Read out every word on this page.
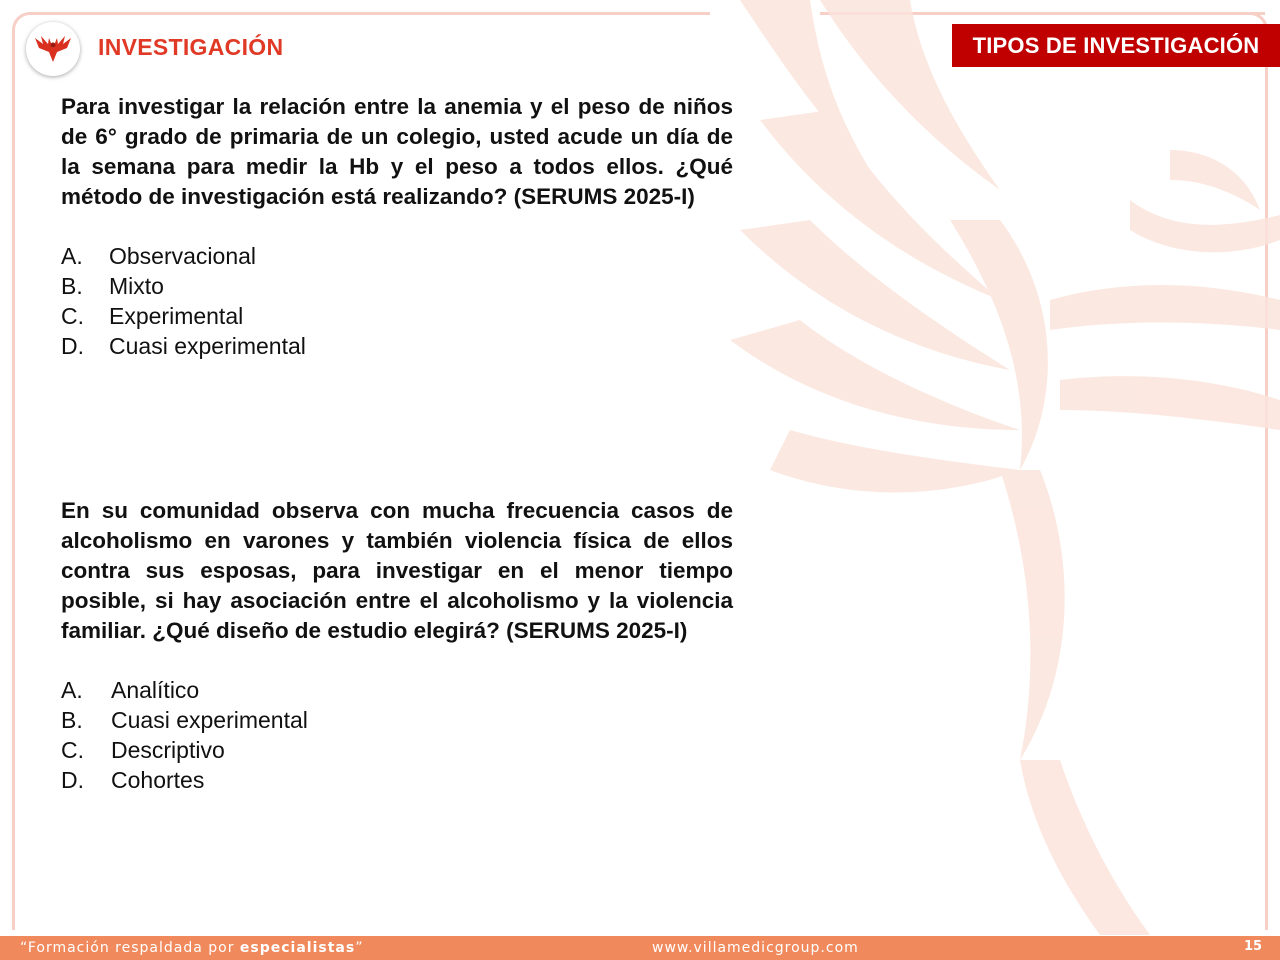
INVESTIGACIÓN	TIPOS DE INVESTIGACIÓN
Para investigar la relación entre la anemia y el peso de niños de 6° grado de primaria de un colegio, usted acude un día de la semana para medir la Hb y el peso a todos ellos. ¿Qué método de investigación está realizando? (SERUMS 2025-I)
A.	Observacional
B.	Mixto
C.	Experimental
D.	Cuasi experimental
En su comunidad observa con mucha frecuencia casos de alcoholismo en varones y también violencia física de ellos contra sus esposas, para investigar en el menor tiempo posible, si hay asociación entre el alcoholismo y la violencia familiar. ¿Qué diseño de estudio elegirá? (SERUMS 2025-I)
A.	Analítico
B.	Cuasi experimental
C.	Descriptivo
D.	Cohortes
“Formación respaldada por especialistas”	www.villamedicgroup.com	15
